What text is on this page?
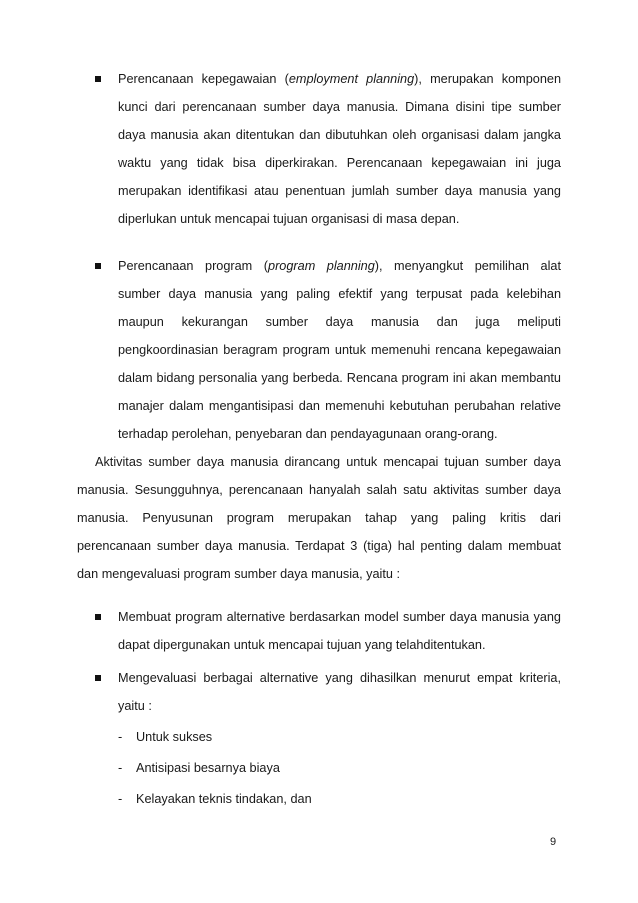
Perencanaan kepegawaian (employment planning), merupakan komponen
kunci dari perencanaan sumber daya manusia. Dimana disini tipe sumber
daya manusia akan ditentukan dan dibutuhkan oleh organisasi dalam jangka
waktu yang tidak bisa diperkirakan. Perencanaan kepegawaian ini juga
merupakan identifikasi atau penentuan jumlah sumber daya manusia yang
diperlukan untuk mencapai tujuan organisasi di masa depan.
Perencanaan program (program planning), menyangkut pemilihan alat
sumber daya manusia yang paling efektif yang terpusat pada kelebihan
maupun kekurangan sumber daya manusia dan juga meliputi
pengkoordinasian beragram program untuk memenuhi rencana kepegawaian
dalam bidang personalia yang berbeda. Rencana program ini akan membantu
manajer dalam mengantisipasi dan memenuhi kebutuhan perubahan relative
terhadap perolehan, penyebaran dan pendayagunaan orang-orang.
Aktivitas sumber daya manusia dirancang untuk mencapai tujuan sumber daya
manusia. Sesungguhnya, perencanaan hanyalah salah satu aktivitas sumber daya
manusia. Penyusunan program merupakan tahap yang paling kritis dari
perencanaan sumber daya manusia. Terdapat 3 (tiga) hal penting dalam membuat
dan mengevaluasi program sumber daya manusia, yaitu :
Membuat program alternative berdasarkan model sumber daya manusia yang
dapat dipergunakan untuk mencapai tujuan yang telahditentukan.
Mengevaluasi berbagai alternative yang dihasilkan menurut empat kriteria,
yaitu :
- Untuk sukses
- Antisipasi besarnya biaya
- Kelayakan teknis tindakan, dan
9
